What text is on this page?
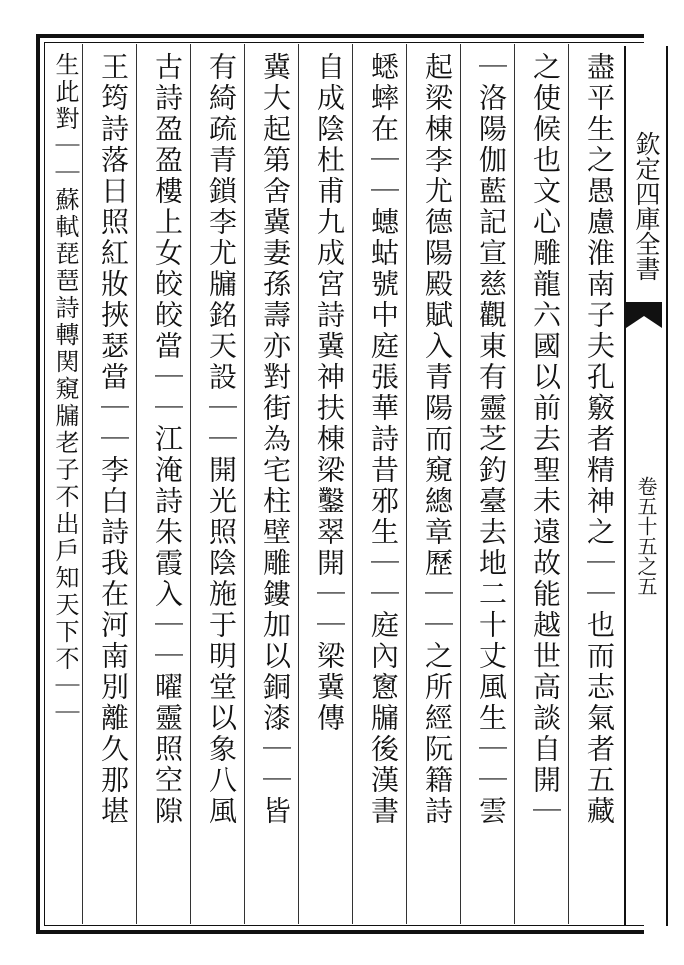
欽定四庫全書
卷五十五之五
盡平生之愚慮淮南子夫孔竅者精神之｜｜也而志氣者五藏
之使候也文心雕龍六國以前去聖未遠故能越世高談自開｜
｜洛陽伽藍記宣慈觀東有靈芝釣臺去地二十丈風生｜｜雲
起梁棟李尤德陽殿賦入青陽而窺總章歷｜｜之所經阮籍詩
蟋蟀在｜｜蟪蛄號中庭張華詩昔邪生｜｜庭內窻牖後漢書
自成陰杜甫九成宮詩冀神扶棟梁鑿翠開｜｜梁冀傳
冀大起第舍冀妻孫壽亦對街為宅柱壁雕鏤加以銅漆｜｜皆
有綺疏青鎖李尤牖銘天設｜｜開光照陰施于明堂以象八風
古詩盈盈樓上女皎皎當｜｜江淹詩朱霞入｜｜曜靈照空隙
王筠詩落日照紅妝挾瑟當｜｜李白詩我在河南別離久那堪
生此對｜｜蘇軾琵琶詩轉関窺牖老子不出戶知天下不｜｜
